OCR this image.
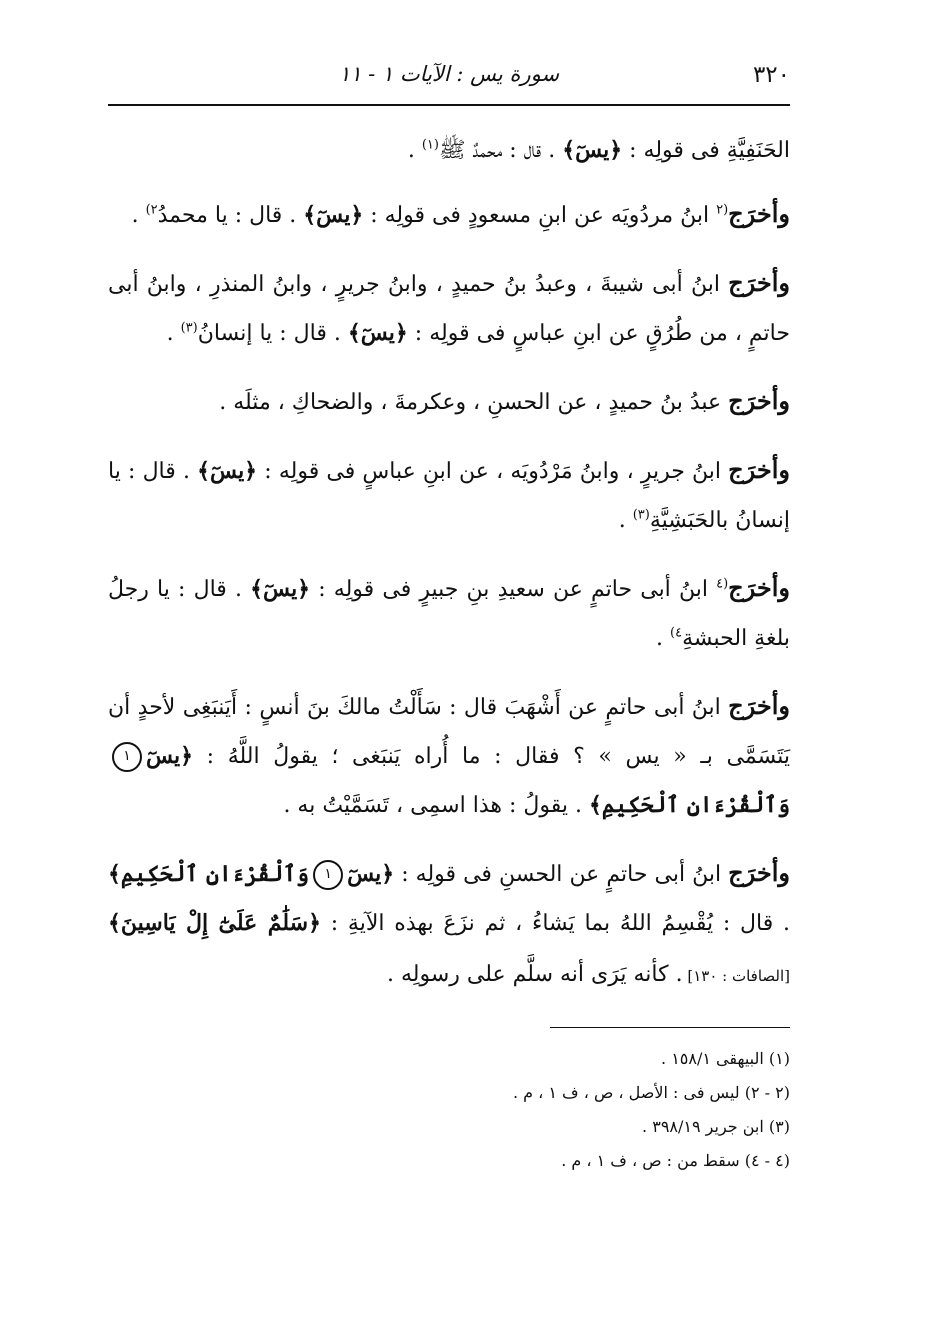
٣٢٠
سورة يس : الآيات ١ - ١١

الحَنَفِيَّةِ فى قولِه : ﴿يسٓ﴾ . قال : محمدٌ ﷺ$^{(١)}$ .

وأخرَج$^{(٢}$ ابنُ مردُويَه عن ابنِ مسعودٍ فى قولِه : ﴿يسٓ﴾ . قال : يا محمدُ$^{٢)}$ .

وأخرَج ابنُ أبى شيبةَ ، وعبدُ بنُ حميدٍ ، وابنُ جريرٍ ، وابنُ المنذرِ ، وابنُ أبى حاتمٍ ، من طُرُقٍ عن ابنِ عباسٍ فى قولِه : ﴿يسٓ﴾ . قال : يا إنسانُ$^{(٣)}$ .

وأخرَج عبدُ بنُ حميدٍ ، عن الحسنِ ، وعكرمةَ ، والضحاكِ ، مثلَه .

وأخرَج ابنُ جريرٍ ، وابنُ مَرْدُويَه ، عن ابنِ عباسٍ فى قولِه : ﴿يسٓ﴾ . قال : يا إنسانُ بالحَبَشِيَّةِ$^{(٣)}$ .

وأخرَج$^{(٤}$ ابنُ أبى حاتمٍ عن سعيدِ بنِ جبيرٍ فى قولِه : ﴿يسٓ﴾ . قال : يا رجلُ بلغةِ الحبشةِ$^{٤)}$ .

وأخرَج ابنُ أبى حاتمٍ عن أَشْهَبَ قال : سَأَلْتُ مالكَ بنَ أنسٍ : أَيَنبَغِى لأحدٍ أن يَتَسَمَّى بـ « يس » ؟ فقال : ما أُراه يَنبَغى ؛ يقولُ اللَّهُ : ﴿يسٓ١وَٱلْقُرْءَانِ ٱلْحَكِيمِ﴾ . يقولُ : هذا اسمِى ، تَسَمَّيْتُ به .

وأخرَج ابنُ أبى حاتمٍ عن الحسنِ فى قولِه : ﴿يسٓ١وَٱلْقُرْءَانِ ٱلْحَكِيمِ﴾ . قال : يُقْسِمُ اللهُ بما يَشاءُ ، ثم نزَعَ بهذه الآيةِ : ﴿سَلَٰمٌ عَلَىٰٓ إِلْ يَاسِينَ﴾ [الصافات : ١٣٠] . كأنه يَرَى أنه سلَّم على رسولِه .

(١) البيهقى ١٥٨/١ .

(٢ - ٢) ليس فى : الأصل ، ص ، ف ١ ، م .

(٣) ابن جرير ٣٩٨/١٩ .

(٤ - ٤) سقط من : ص ، ف ١ ، م .
